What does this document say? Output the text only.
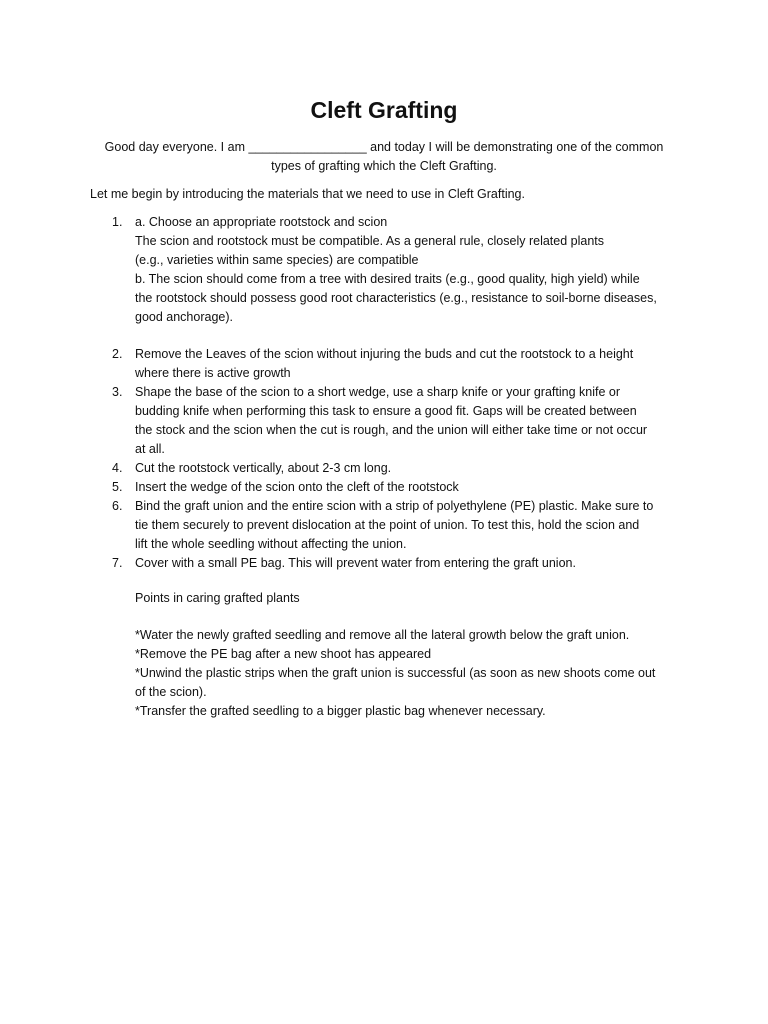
Cleft Grafting
Good day everyone. I am _________________ and today I will be demonstrating one of the common
types of grafting which the Cleft Grafting.
Let me begin by introducing the materials that we need to use in Cleft Grafting.
1. a. Choose an appropriate rootstock and scion
The scion and rootstock must be compatible. As a general rule, closely related plants
(e.g., varieties within same species) are compatible
b. The scion should come from a tree with desired traits (e.g., good quality, high yield) while
the rootstock should possess good root characteristics (e.g., resistance to soil-borne diseases,
good anchorage).
2. Remove the Leaves of the scion without injuring the buds and cut the rootstock to a height
where there is active growth
3. Shape the base of the scion to a short wedge, use a sharp knife or your grafting knife or
budding knife when performing this task to ensure a good fit. Gaps will be created between
the stock and the scion when the cut is rough, and the union will either take time or not occur
at all.
4. Cut the rootstock vertically, about 2-3 cm long.
5. Insert the wedge of the scion onto the cleft of the rootstock
6. Bind the graft union and the entire scion with a strip of polyethylene (PE) plastic. Make sure to
tie them securely to prevent dislocation at the point of union. To test this, hold the scion and
lift the whole seedling without affecting the union.
7. Cover with a small PE bag. This will prevent water from entering the graft union.
Points in caring grafted plants
*Water the newly grafted seedling and remove all the lateral growth below the graft union.
*Remove the PE bag after a new shoot has appeared
*Unwind the plastic strips when the graft union is successful (as soon as new shoots come out
of the scion).
*Transfer the grafted seedling to a bigger plastic bag whenever necessary.
